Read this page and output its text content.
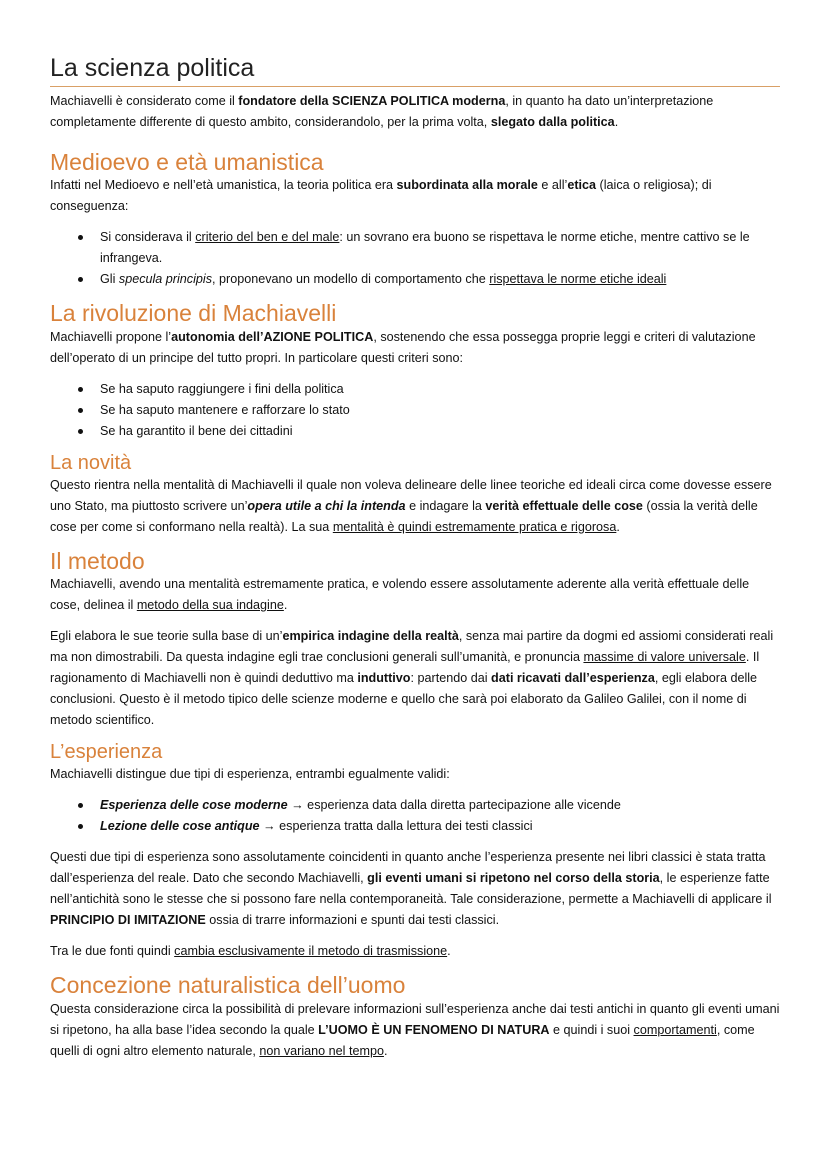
La scienza politica

Machiavelli è considerato come il fondatore della SCIENZA POLITICA moderna, in quanto ha dato un’interpretazione completamente differente di questo ambito, considerandolo, per la prima volta, slegato dalla politica.

Medioevo e età umanistica

Infatti nel Medioevo e nell’età umanistica, la teoria politica era subordinata alla morale e all’etica (laica o religiosa); di conseguenza:

Si considerava il criterio del ben e del male: un sovrano era buono se rispettava le norme etiche, mentre cattivo se le infrangeva.
Gli specula principis, proponevano un modello di comportamento che rispettava le norme etiche ideali
La rivoluzione di Machiavelli

Machiavelli propone l’autonomia dell’AZIONE POLITICA, sostenendo che essa possegga proprie leggi e criteri di valutazione dell’operato di un principe del tutto propri. In particolare questi criteri sono:

Se ha saputo raggiungere i fini della politica
Se ha saputo mantenere e rafforzare lo stato
Se ha garantito il bene dei cittadini
La novità

Questo rientra nella mentalità di Machiavelli il quale non voleva delineare delle linee teoriche ed ideali circa come dovesse essere uno Stato, ma piuttosto scrivere un’opera utile a chi la intenda e indagare la verità effettuale delle cose (ossia la verità delle cose per come si conformano nella realtà). La sua mentalità è quindi estremamente pratica e rigorosa.

Il metodo

Machiavelli, avendo una mentalità estremamente pratica, e volendo essere assolutamente aderente alla verità effettuale delle cose, delinea il metodo della sua indagine.

Egli elabora le sue teorie sulla base di un’empirica indagine della realtà, senza mai partire da dogmi ed assiomi considerati reali ma non dimostrabili. Da questa indagine egli trae conclusioni generali sull’umanità, e pronuncia massime di valore universale. Il ragionamento di Machiavelli non è quindi deduttivo ma induttivo: partendo dai dati ricavati dall’esperienza, egli elabora delle conclusioni. Questo è il metodo tipico delle scienze moderne e quello che sarà poi elaborato da Galileo Galilei, con il nome di metodo scientifico.

L’esperienza

Machiavelli distingue due tipi di esperienza, entrambi egualmente validi:

Esperienza delle cose moderne → esperienza data dalla diretta partecipazione alle vicende
Lezione delle cose antique → esperienza tratta dalla lettura dei testi classici

Questi due tipi di esperienza sono assolutamente coincidenti in quanto anche l’esperienza presente nei libri classici è stata tratta dall’esperienza del reale. Dato che secondo Machiavelli, gli eventi umani si ripetono nel corso della storia, le esperienze fatte nell’antichità sono le stesse che si possono fare nella contemporaneità. Tale considerazione, permette a Machiavelli di applicare il PRINCIPIO DI IMITAZIONE ossia di trarre informazioni e spunti dai testi classici.

Tra le due fonti quindi cambia esclusivamente il metodo di trasmissione.

Concezione naturalistica dell’uomo

Questa considerazione circa la possibilità di prelevare informazioni sull’esperienza anche dai testi antichi in quanto gli eventi umani si ripetono, ha alla base l’idea secondo la quale L’UOMO È UN FENOMENO DI NATURA e quindi i suoi comportamenti, come quelli di ogni altro elemento naturale, non variano nel tempo.
